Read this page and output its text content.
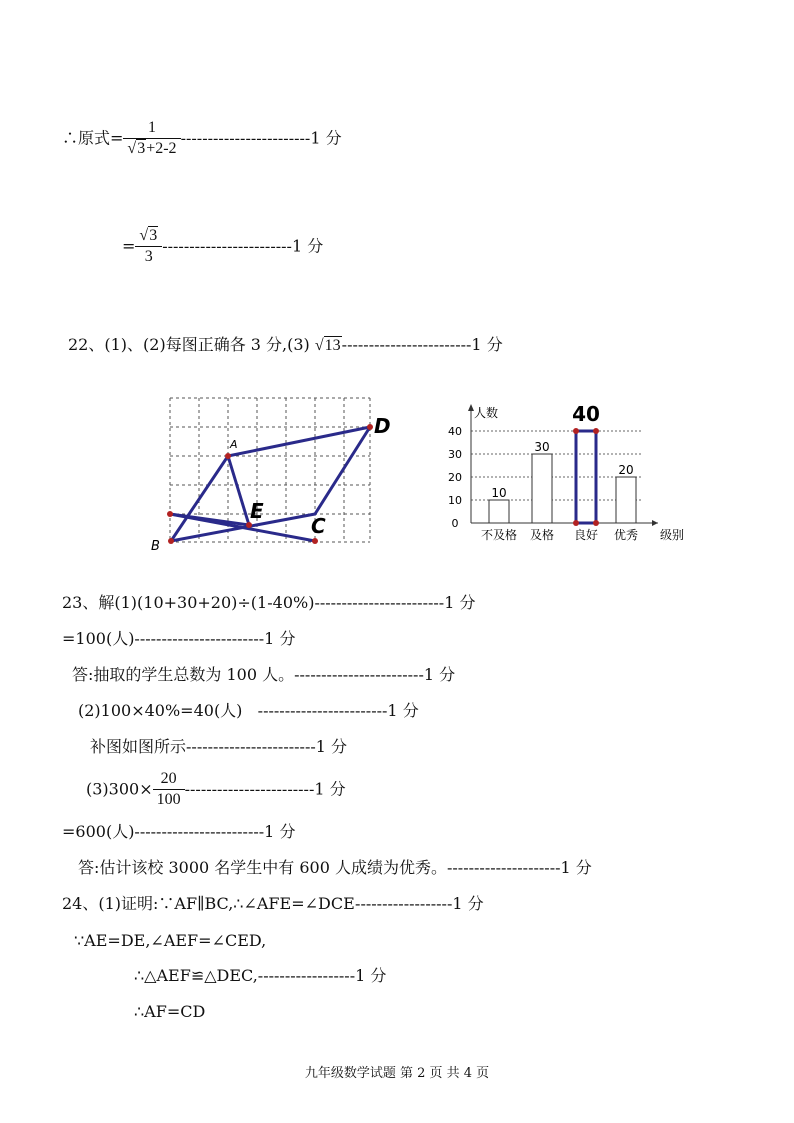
∴原式= $\frac{1}{√3+2-2} ------------------------1$ 分
= $\frac{√3}{3} ------------------------1$ 分
22、(1)、(2)每图正确各 3 分,(3) √13------------------------1 分
A
B
C
D
E
0
10
20
30
40
人数
级别
10
不及格
30
及格
40
良好
20
优秀
23、解(1)(10+30+20)÷(1-40%)------------------------1 分
=100(人)------------------------1 分
答:抽取的学生总数为 100 人。------------------------1 分
(2)100×40%=40(人)   ------------------------1 分
补图如图所示------------------------1 分
$(3)300\times \frac{20}{100} ------------------------1$ 分
=600(人)------------------------1 分
答:估计该校 3000 名学生中有 600 人成绩为优秀。---------------------1 分
24、(1)证明:∵AF∥BC,∴∠AFE=∠DCE------------------1 分
∵AE=DE,∠AEF=∠CED,
∴△AEF≌△DEC,------------------1 分
∴AF=CD
九年级数学试题 第 2 页 共 4 页
